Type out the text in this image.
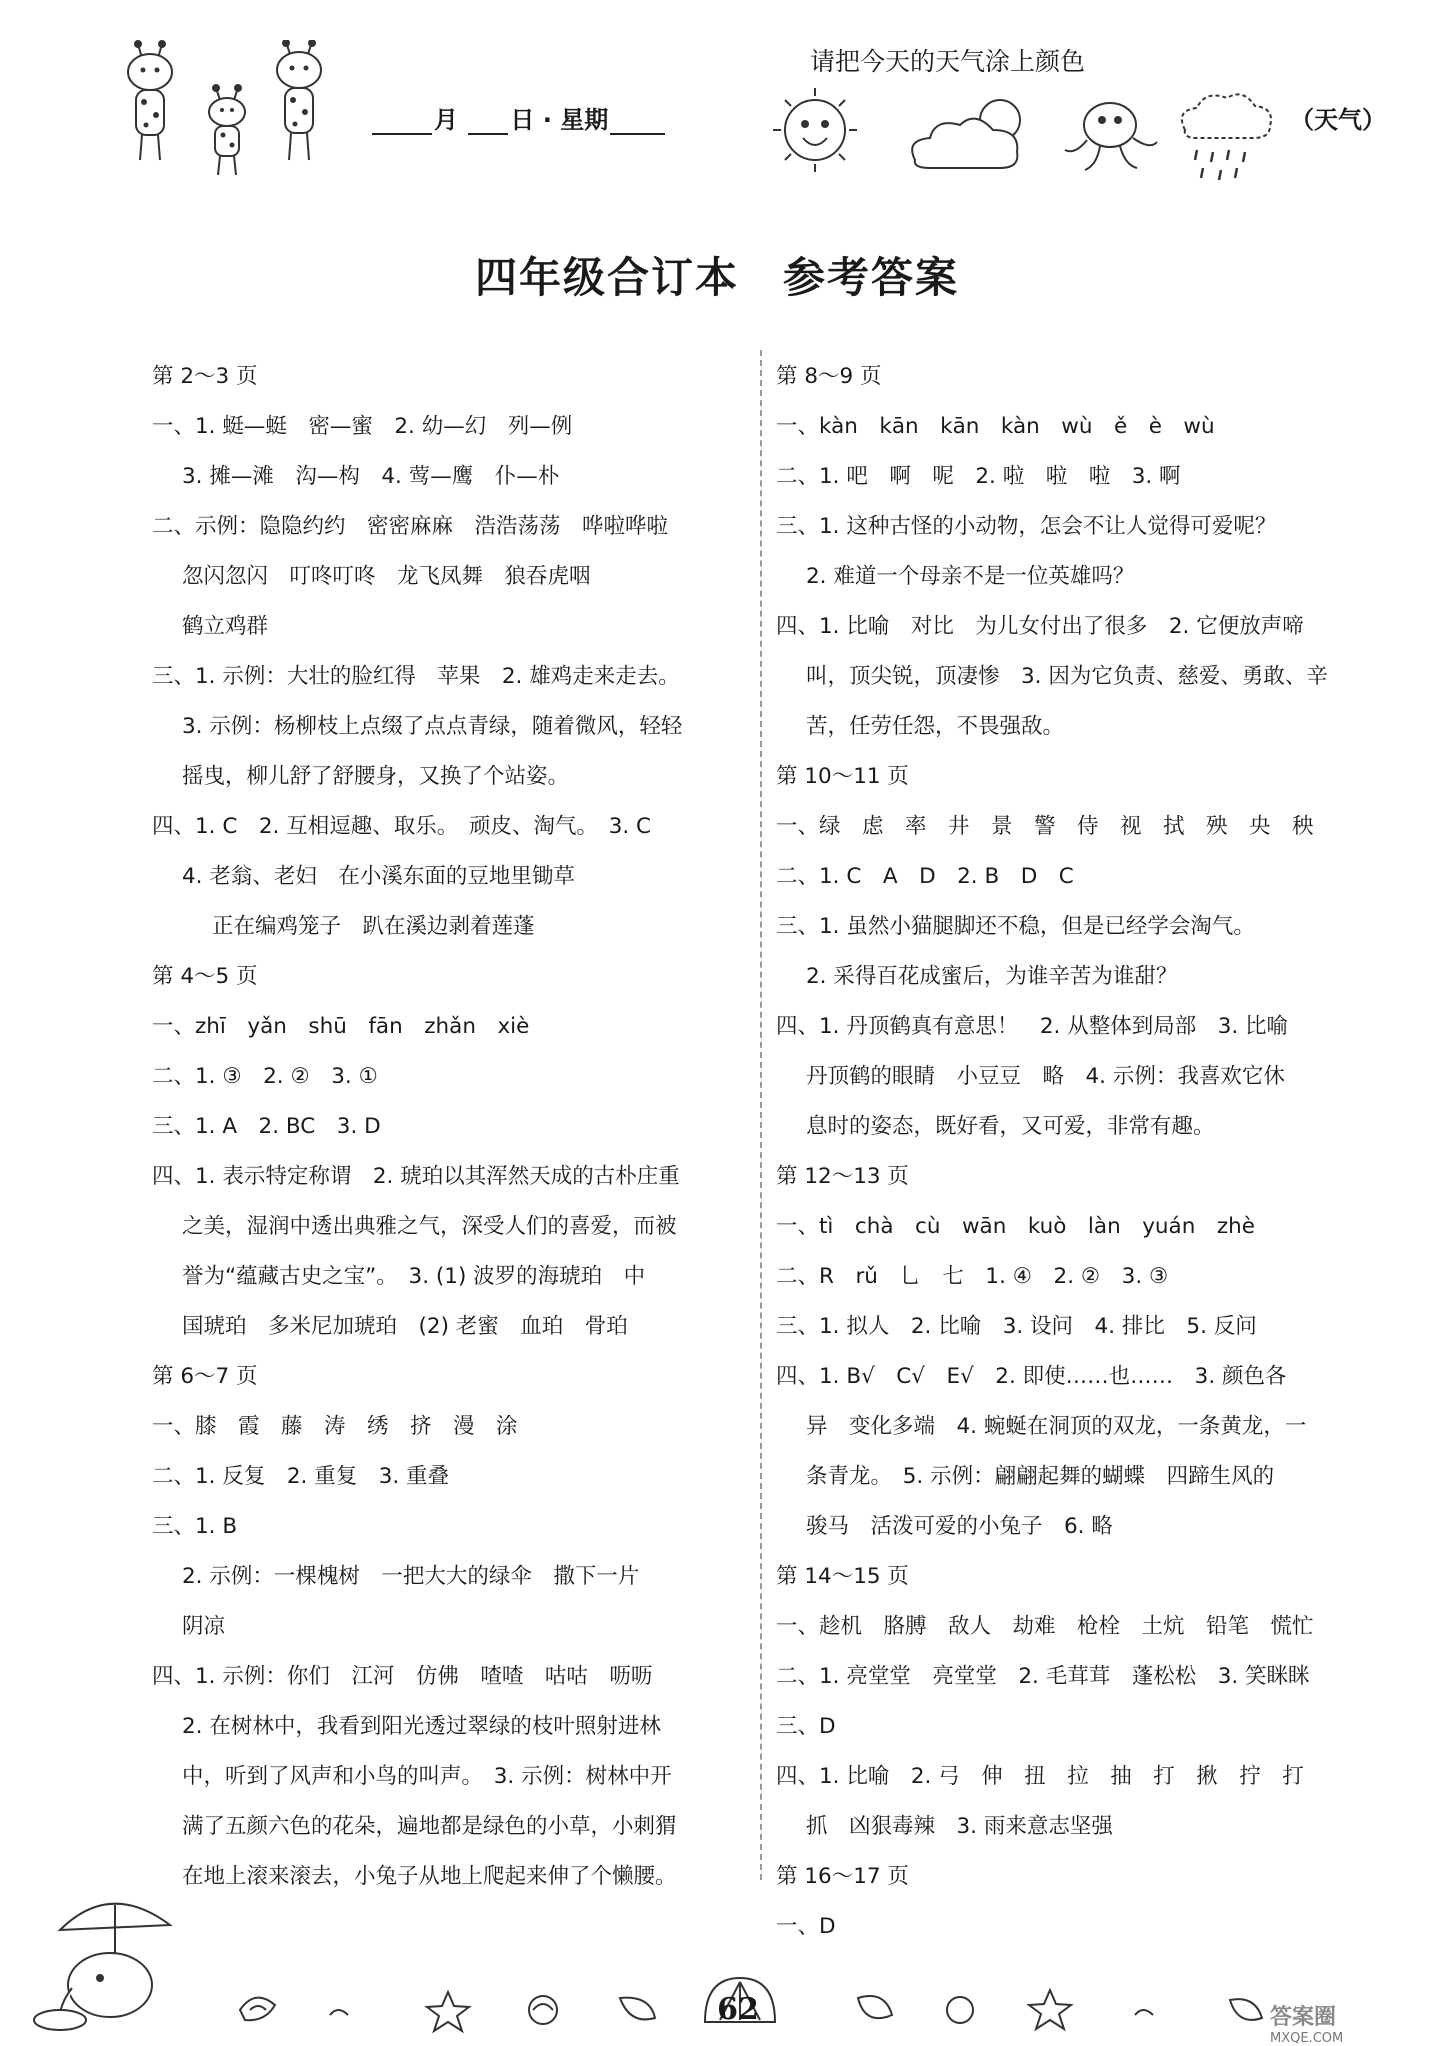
月 日 · 星期
请把今天的天气涂上颜色
（天气）
四年级合订本　参考答案
第 2～3 页
一、1. 蜓—蜓　密—蜜　2. 幼—幻　列—例
3. 摊—滩　沟—构　4. 莺—鹰　仆—朴
二、示例：隐隐约约　密密麻麻　浩浩荡荡　哗啦哗啦
忽闪忽闪　叮咚叮咚　龙飞凤舞　狼吞虎咽
鹤立鸡群
三、1. 示例：大壮的脸红得　苹果　2. 雄鸡走来走去。
3. 示例：杨柳枝上点缀了点点青绿，随着微风，轻轻
摇曳，柳儿舒了舒腰身，又换了个站姿。
四、1. C　2. 互相逗趣、取乐。　顽皮、淘气。　3. C
4. 老翁、老妇　在小溪东面的豆地里锄草
正在编鸡笼子　趴在溪边剥着莲蓬
第 4～5 页
一、zhī　yǎn　shū　fān　zhǎn　xiè
二、1. ③　2. ②　3. ①
三、1. A　2. BC　3. D
四、1. 表示特定称谓　2. 琥珀以其浑然天成的古朴庄重
之美，湿润中透出典雅之气，深受人们的喜爱，而被
誉为“蕴藏古史之宝”。　3. (1) 波罗的海琥珀　中
国琥珀　多米尼加琥珀　(2) 老蜜　血珀　骨珀
第 6～7 页
一、膝　霞　藤　涛　绣　挤　漫　涂
二、1. 反复　2. 重复　3. 重叠
三、1. B
2. 示例：一棵槐树　一把大大的绿伞　撒下一片
阴凉
四、1. 示例：你们　江河　仿佛　喳喳　咕咕　呖呖
2. 在树林中，我看到阳光透过翠绿的枝叶照射进林
中，听到了风声和小鸟的叫声。　3. 示例：树林中开
满了五颜六色的花朵，遍地都是绿色的小草，小刺猬
在地上滚来滚去，小兔子从地上爬起来伸了个懒腰。
第 8～9 页
一、kàn　kān　kān　kàn　wù　ě　è　wù
二、1. 吧　啊　呢　2. 啦　啦　啦　3. 啊
三、1. 这种古怪的小动物，怎会不让人觉得可爱呢？
2. 难道一个母亲不是一位英雄吗？
四、1. 比喻　对比　为儿女付出了很多　2. 它便放声啼
叫，顶尖锐，顶凄惨　3. 因为它负责、慈爱、勇敢、辛
苦，任劳任怨，不畏强敌。
第 10～11 页
一、绿　虑　率　井　景　警　侍　视　拭　殃　央　秧
二、1. C　A　D　2. B　D　C
三、1. 虽然小猫腿脚还不稳，但是已经学会淘气。
2. 采得百花成蜜后，为谁辛苦为谁甜？
四、1. 丹顶鹤真有意思！　2. 从整体到局部　3. 比喻
丹顶鹤的眼睛　小豆豆　略　4. 示例：我喜欢它休
息时的姿态，既好看，又可爱，非常有趣。
第 12～13 页
一、tì　chà　cù　wān　kuò　làn　yuán　zhè
二、R　rǔ　乚　七　1. ④　2. ②　3. ③
三、1. 拟人　2. 比喻　3. 设问　4. 排比　5. 反问
四、1. B√　C√　E√　2. 即使……也……　3. 颜色各
异　变化多端　4. 蜿蜒在洞顶的双龙，一条黄龙，一
条青龙。　5. 示例：翩翩起舞的蝴蝶　四蹄生风的
骏马　活泼可爱的小兔子　6. 略
第 14～15 页
一、趁机　胳膊　敌人　劫难　枪栓　土炕　铅笔　慌忙
二、1. 亮堂堂　亮堂堂　2. 毛茸茸　蓬松松　3. 笑眯眯
三、D
四、1. 比喻　2. 弓　伸　扭　拉　抽　打　揪　拧　打
抓　凶狠毒辣　3. 雨来意志坚强
第 16～17 页
一、D
62	答案圈
MXQE.COM
